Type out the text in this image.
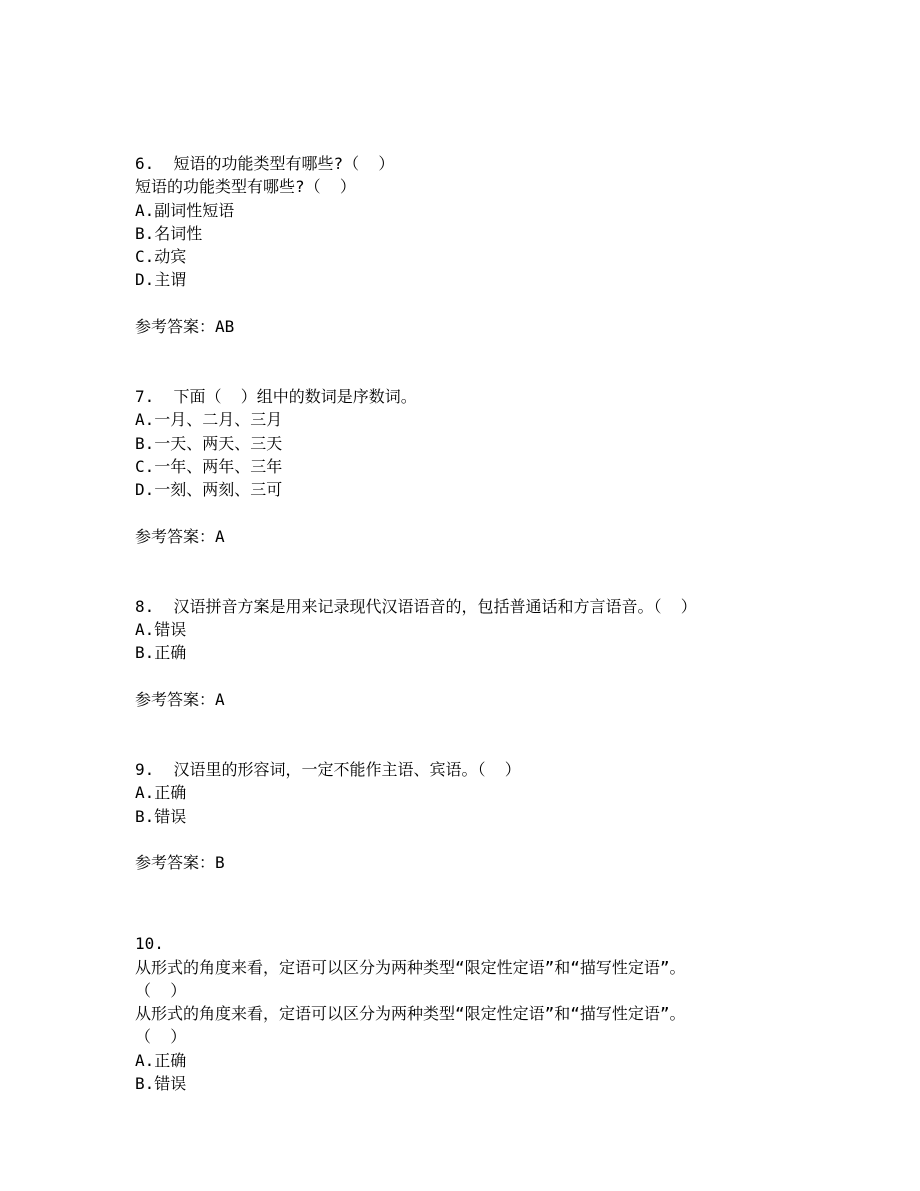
6. 短语的功能类型有哪些?（  ）

短语的功能类型有哪些?（  ）

A.副词性短语

B.名词性

C.动宾

D.主谓

参考答案：AB

7. 下面（  ）组中的数词是序数词。

A.一月、二月、三月

B.一天、两天、三天

C.一年、两年、三年

D.一刻、两刻、三可

参考答案：A

8. 汉语拼音方案是用来记录现代汉语语音的，包括普通话和方言语音。（  ）

A.错误

B.正确

参考答案：A

9. 汉语里的形容词，一定不能作主语、宾语。（  ）

A.正确

B.错误

参考答案：B

10.

从形式的角度来看，定语可以区分为两种类型“限定性定语”和“描写性定语”。

（  ）

从形式的角度来看，定语可以区分为两种类型“限定性定语”和“描写性定语”。

（  ）

A.正确

B.错误
